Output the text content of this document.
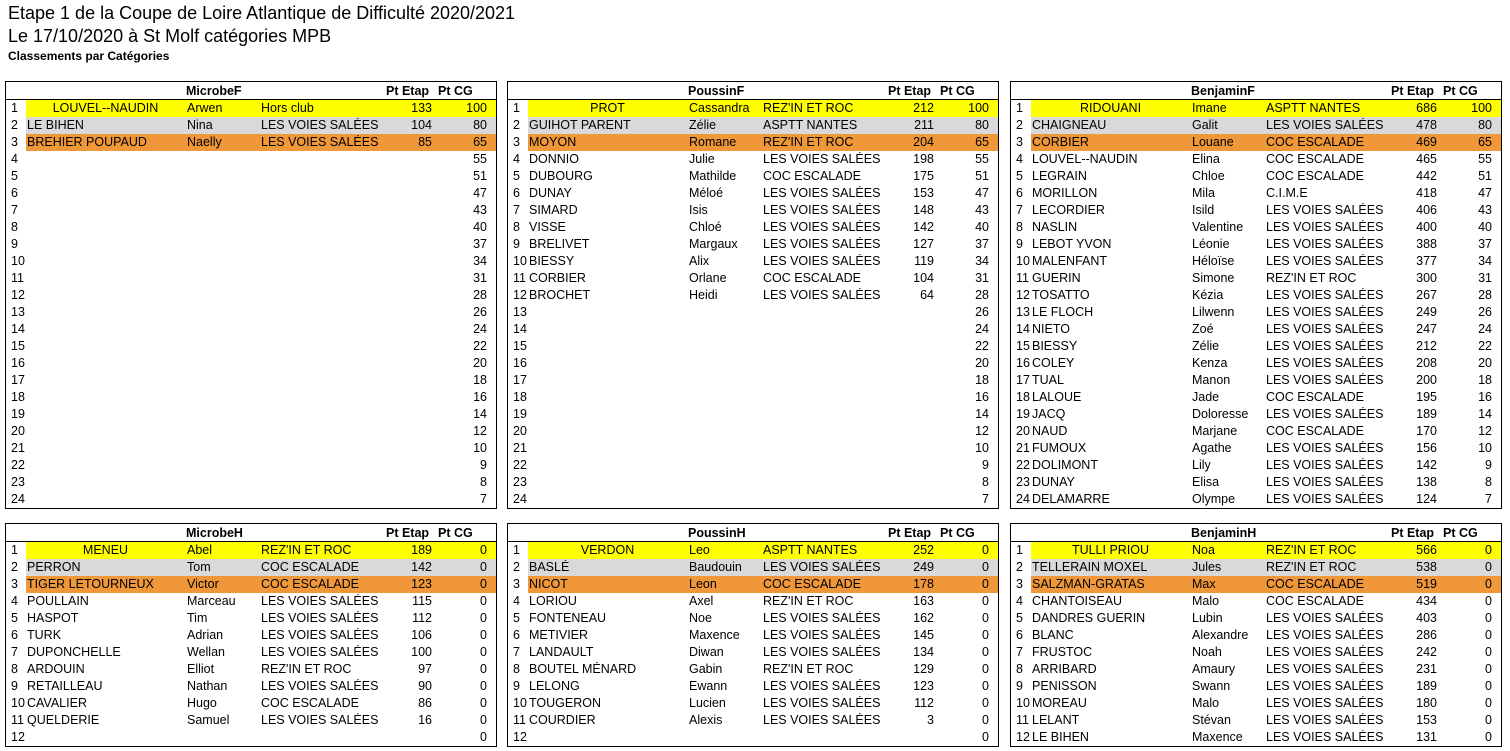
Etape 1 de la Coupe de Loire Atlantique de Difficulté 2020/2021
Le 17/10/2020 à St Molf catégories MPB
Classements par Catégories
MicrobeF	Pt Etap Pt CG
1	LOUVEL--NAUDIN	Arwen	Hors club	133	100
2 LE BIHEN	Nina	LES VOIES SALÉES	104	80
3 BREHIER POUPAUD	Naelly	LES VOIES SALÉES	85	65
4	55
5	51
6	47
7	43
8	40
9	37
10	34
11	31
12	28
13	26
14	24
15	22
16	20
17	18
18	16
19	14
20	12
21	10
22	9
23	8
24	7
PoussinF	Pt Etap Pt CG
1	PROT	Cassandra	REZ'IN ET ROC	212	100
2 GUIHOT PARENT	Zélie	ASPTT NANTES	211	80
3 MOYON	Romane	REZ'IN ET ROC	204	65
4 DONNIO	Julie	LES VOIES SALÉES	198	55
5 DUBOURG	Mathilde	COC ESCALADE	175	51
6 DUNAY	Méloé	LES VOIES SALÉES	153	47
7 SIMARD	Isis	LES VOIES SALÉES	148	43
8 VISSE	Chloé	LES VOIES SALÉES	142	40
9 BRELIVET	Margaux	LES VOIES SALÉES	127	37
10 BIESSY	Alix	LES VOIES SALÉES	119	34
11 CORBIER	Orlane	COC ESCALADE	104	31
12 BROCHET	Heidi	LES VOIES SALÉES	64	28
13	26
14	24
15	22
16	20
17	18
18	16
19	14
20	12
21	10
22	9
23	8
24	7
BenjaminF	Pt Etap Pt CG
1	RIDOUANI	Imane	ASPTT NANTES	686	100
2 CHAIGNEAU	Galit	LES VOIES SALÉES	478	80
3 CORBIER	Louane	COC ESCALADE	469	65
4 LOUVEL--NAUDIN	Elina	COC ESCALADE	465	55
5 LEGRAIN	Chloe	COC ESCALADE	442	51
6 MORILLON	Mila	C.I.M.E	418	47
7 LECORDIER	Isild	LES VOIES SALÉES	406	43
8 NASLIN	Valentine	LES VOIES SALÉES	400	40
9 LEBOT YVON	Léonie	LES VOIES SALÉES	388	37
10 MALENFANT	Héloïse	LES VOIES SALÉES	377	34
11 GUERIN	Simone	REZ'IN ET ROC	300	31
12 TOSATTO	Kézia	LES VOIES SALÉES	267	28
13 LE FLOCH	Lilwenn	LES VOIES SALÉES	249	26
14 NIETO	Zoé	LES VOIES SALÉES	247	24
15 BIESSY	Zélie	LES VOIES SALÉES	212	22
16 COLEY	Kenza	LES VOIES SALÉES	208	20
17 TUAL	Manon	LES VOIES SALÉES	200	18
18 LALOUE	Jade	COC ESCALADE	195	16
19 JACQ	Doloresse	LES VOIES SALÉES	189	14
20 NAUD	Marjane	COC ESCALADE	170	12
21 FUMOUX	Agathe	LES VOIES SALÉES	156	10
22 DOLIMONT	Lily	LES VOIES SALÉES	142	9
23 DUNAY	Elisa	LES VOIES SALÉES	138	8
24 DELAMARRE	Olympe	LES VOIES SALÉES	124	7
MicrobeH	Pt Etap Pt CG
1	MENEU	Abel	REZ'IN ET ROC	189	0
2 PERRON	Tom	COC ESCALADE	142	0
3 TIGER LETOURNEUX	Victor	COC ESCALADE	123	0
4 POULLAIN	Marceau	LES VOIES SALÉES	115	0
5 HASPOT	Tim	LES VOIES SALÉES	112	0
6 TURK	Adrian	LES VOIES SALÉES	106	0
7 DUPONCHELLE	Wellan	LES VOIES SALÉES	100	0
8 ARDOUIN	Elliot	REZ'IN ET ROC	97	0
9 RETAILLEAU	Nathan	LES VOIES SALÉES	90	0
10 CAVALIER	Hugo	COC ESCALADE	86	0
11 QUELDERIE	Samuel	LES VOIES SALÉES	16	0
12	0
PoussinH	Pt Etap Pt CG
1	VERDON	Leo	ASPTT NANTES	252	0
2 BASLÉ	Baudouin	LES VOIES SALÉES	249	0
3 NICOT	Leon	COC ESCALADE	178	0
4 LORIOU	Axel	REZ'IN ET ROC	163	0
5 FONTENEAU	Noe	LES VOIES SALÉES	162	0
6 METIVIER	Maxence	LES VOIES SALÉES	145	0
7 LANDAULT	Diwan	LES VOIES SALÉES	134	0
8 BOUTEL MÉNARD	Gabin	REZ'IN ET ROC	129	0
9 LELONG	Ewann	LES VOIES SALÉES	123	0
10 TOUGERON	Lucien	LES VOIES SALÉES	112	0
11 COURDIER	Alexis	LES VOIES SALÉES	3	0
12	0
BenjaminH	Pt Etap Pt CG
1	TULLI PRIOU	Noa	REZ'IN ET ROC	566	0
2 TELLERAIN MOXEL	Jules	REZ'IN ET ROC	538	0
3 SALZMAN-GRATAS	Max	COC ESCALADE	519	0
4 CHANTOISEAU	Malo	COC ESCALADE	434	0
5 DANDRES GUERIN	Lubin	LES VOIES SALÉES	403	0
6 BLANC	Alexandre	LES VOIES SALÉES	286	0
7 FRUSTOC	Noah	LES VOIES SALÉES	242	0
8 ARRIBARD	Amaury	LES VOIES SALÉES	231	0
9 PENISSON	Swann	LES VOIES SALÉES	189	0
10 MOREAU	Malo	LES VOIES SALÉES	180	0
11 LELANT	Stévan	LES VOIES SALÉES	153	0
12 LE BIHEN	Maxence	LES VOIES SALÉES	131	0
